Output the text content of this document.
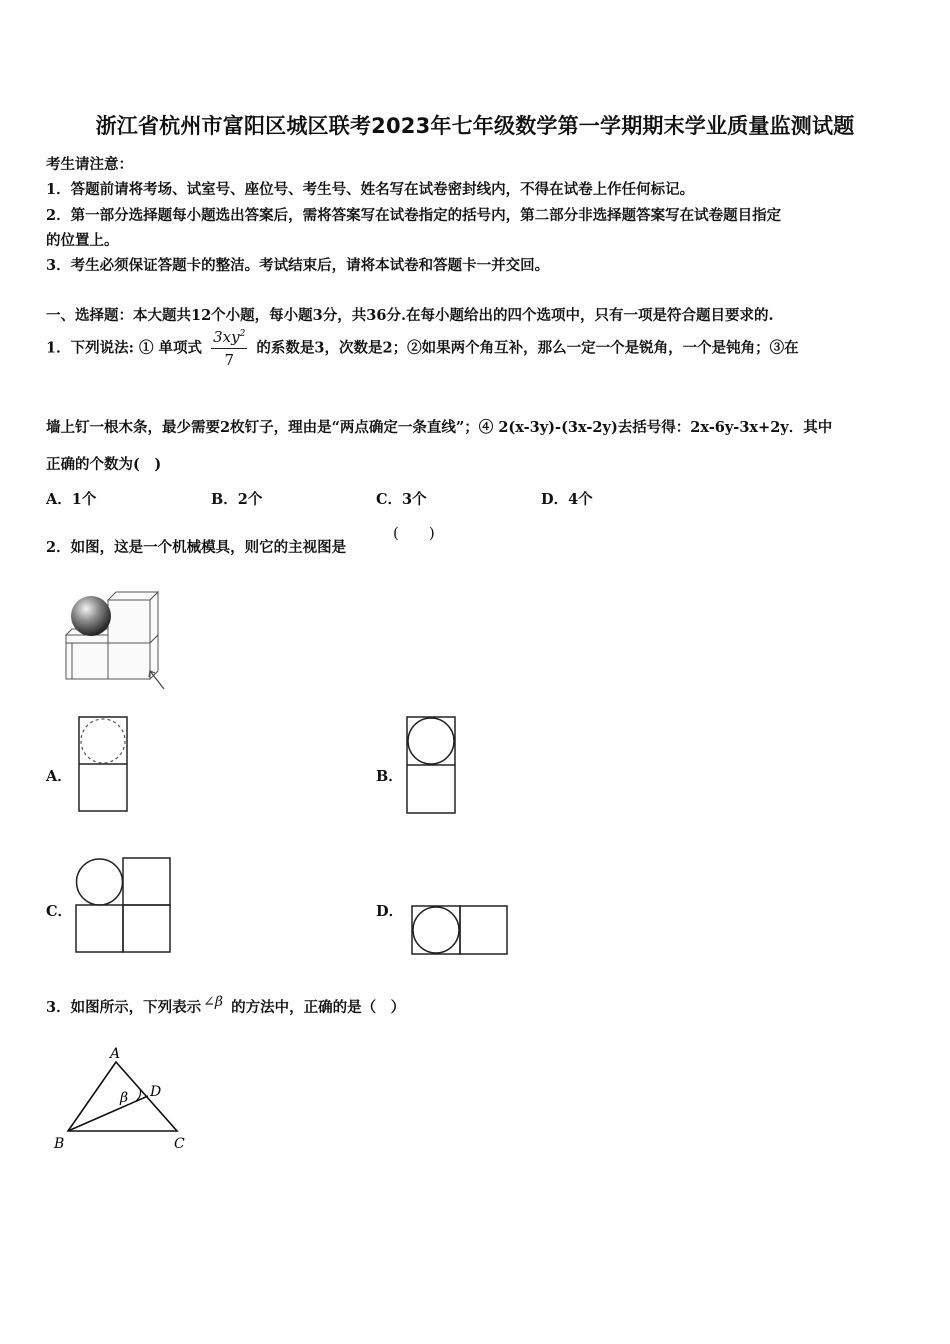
浙江省杭州市富阳区城区联考2023年七年级数学第一学期期末学业质量监测试题
考生请注意：
1．答题前请将考场、试室号、座位号、考生号、姓名写在试卷密封线内，不得在试卷上作任何标记。
2．第一部分选择题每小题选出答案后，需将答案写在试卷指定的括号内，第二部分非选择题答案写在试卷题目指定
的位置上。
3．考生必须保证答题卡的整洁。考试结束后，请将本试卷和答题卡一并交回。
一、选择题：本大题共12个小题，每小题3分，共36分.在每小题给出的四个选项中，只有一项是符合题目要求的.
1．下列说法: ① 单项式 $\frac{3xy^2}{7}$ 的系数是3，次数是2；②如果两个角互补，那么一定一个是锐角，一个是钝角；③在
墙上钉一根木条，最少需要2枚钉子，理由是“两点确定一条直线”；④ 2(x-3y)-(3x-2y)去括号得：2x-6y-3x+2y．其中
正确的个数为(　)
A．1个	B．2个	C．3个	D．4个
2．如图，这是一个机械模具，则它的主视图是
(　　)
A．	B．
C．	D．
3．如图所示，下列表示 ∠β 的方法中，正确的是（　）
A
B	C
D
β
